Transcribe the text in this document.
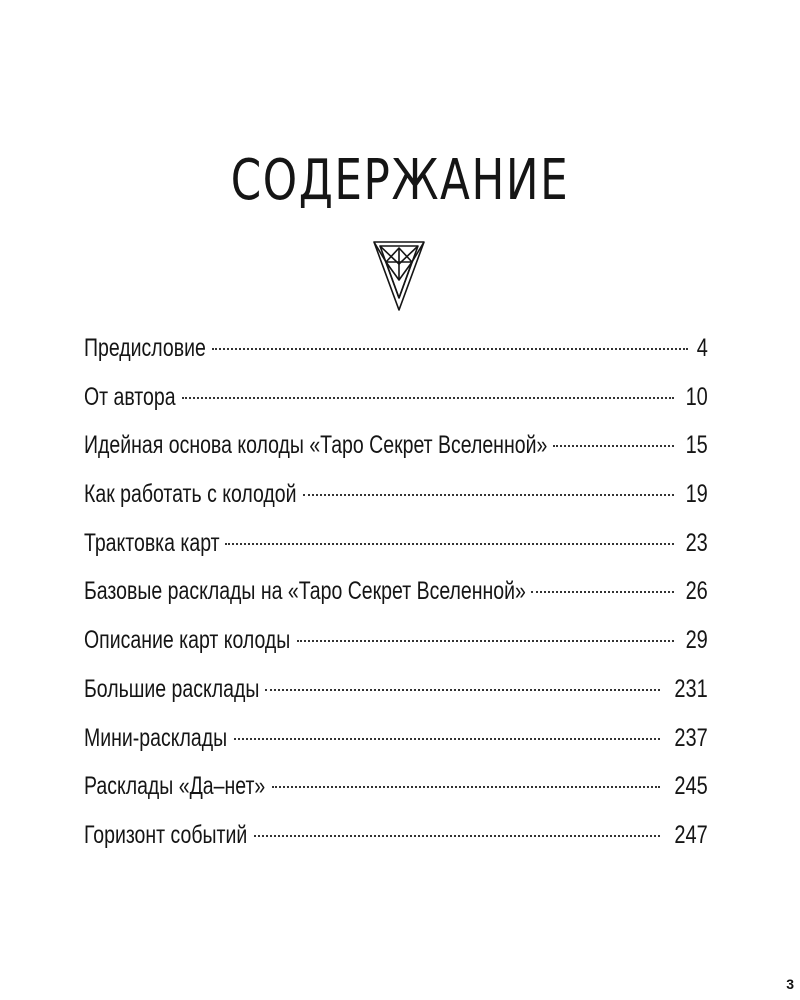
СОДЕРЖАНИЕ
Предисловие	4
От автора	10
Идейная основа колоды «Таро Секрет Вселенной»	15
Как работать с колодой	19
Трактовка карт	23
Базовые расклады на «Таро Секрет Вселенной»	26
Описание карт колоды	29
Большие расклады	231
Мини-расклады	237
Расклады «Да–нет»	245
Горизонт событий	247
3
